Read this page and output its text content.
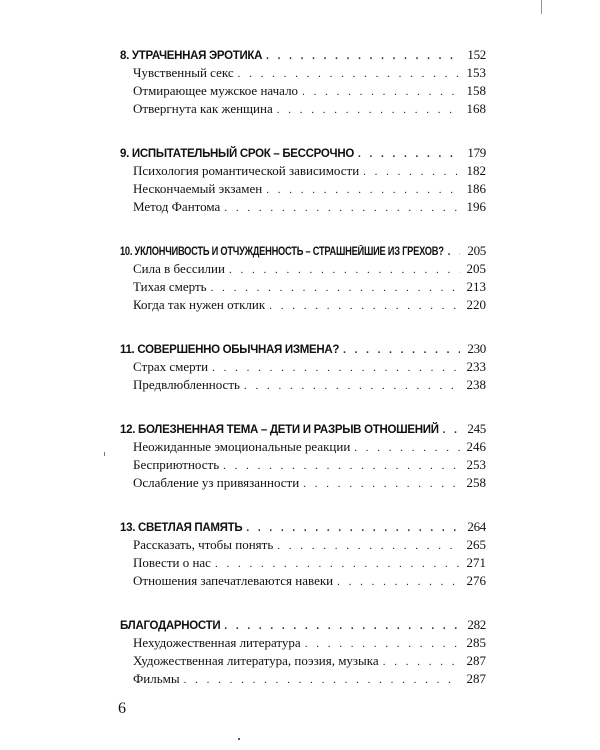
8. УТРАЧЕННАЯ ЭРОТИКА . . .	152
Чувственный секс . . .	153
Отмирающее мужское начало . . .	158
Отвергнута как женщина . . .	168
9. ИСПЫТАТЕЛЬНЫЙ СРОК – БЕССРОЧНО . . .	179
Психология романтической зависимости . . .	182
Нескончаемый экзамен . . .	186
Метод Фантома . . .	196
10. УКЛОНЧИВОСТЬ И ОТЧУЖДЕННОСТЬ – СТРАШНЕЙШИЕ ИЗ ГРЕХОВ? . . . 205
Сила в бессилии . . .	205
Тихая смерть . . .	213
Когда так нужен отклик . . .	220
11. СОВЕРШЕННО ОБЫЧНАЯ ИЗМЕНА? . . .	230
Страх смерти . . .	233
Предвлюбленность . . .	238
12. БОЛЕЗНЕННАЯ ТЕМА – ДЕТИ И РАЗРЫВ ОТНОШЕНИЙ . . . 245
Неожиданные эмоциональные реакции . . .	246
Бесприютность . . .	253
Ослабление уз привязанности . . .	258
13. СВЕТЛАЯ ПАМЯТЬ . . .	264
Рассказать, чтобы понять . . .	265
Повести о нас . . .	271
Отношения запечатлеваются навеки . . .	276
БЛАГОДАРНОСТИ . . .	282
Нехудожественная литература . . .	285
Художественная литература, поэзия, музыка . . .	287
Фильмы . . .	287
6
